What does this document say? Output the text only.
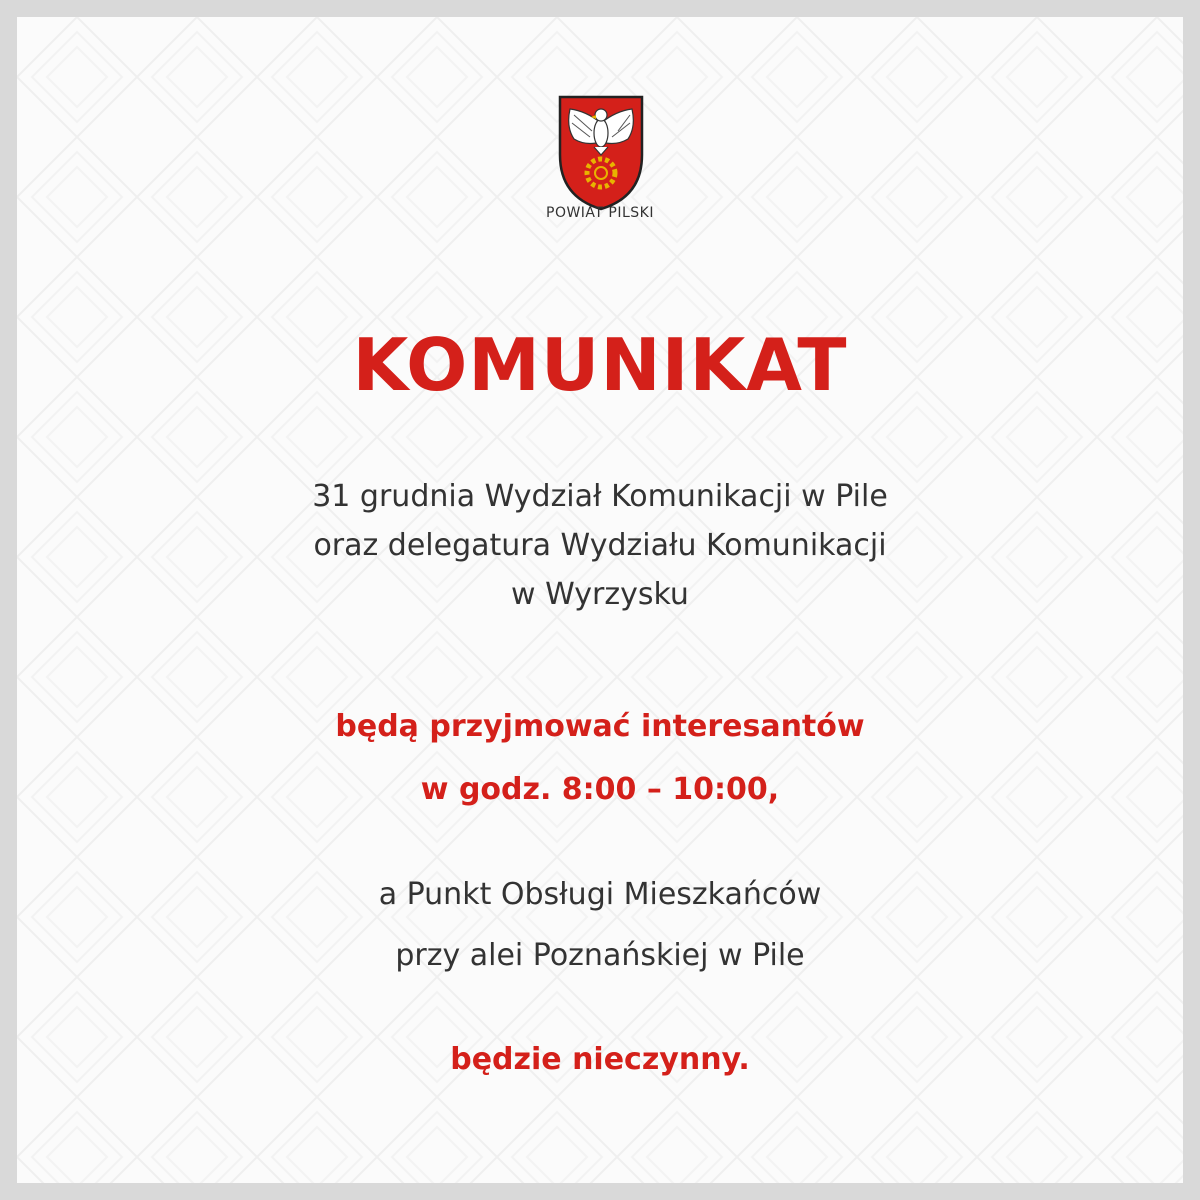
POWIAT PILSKI
KOMUNIKAT
31 grudnia Wydział Komunikacji w Pile
oraz delegatura Wydziału Komunikacji
w Wyrzysku
będą przyjmować interesantów
w godz. 8:00 – 10:00,
a Punkt Obsługi Mieszkańców
przy alei Poznańskiej w Pile
będzie nieczynny.
